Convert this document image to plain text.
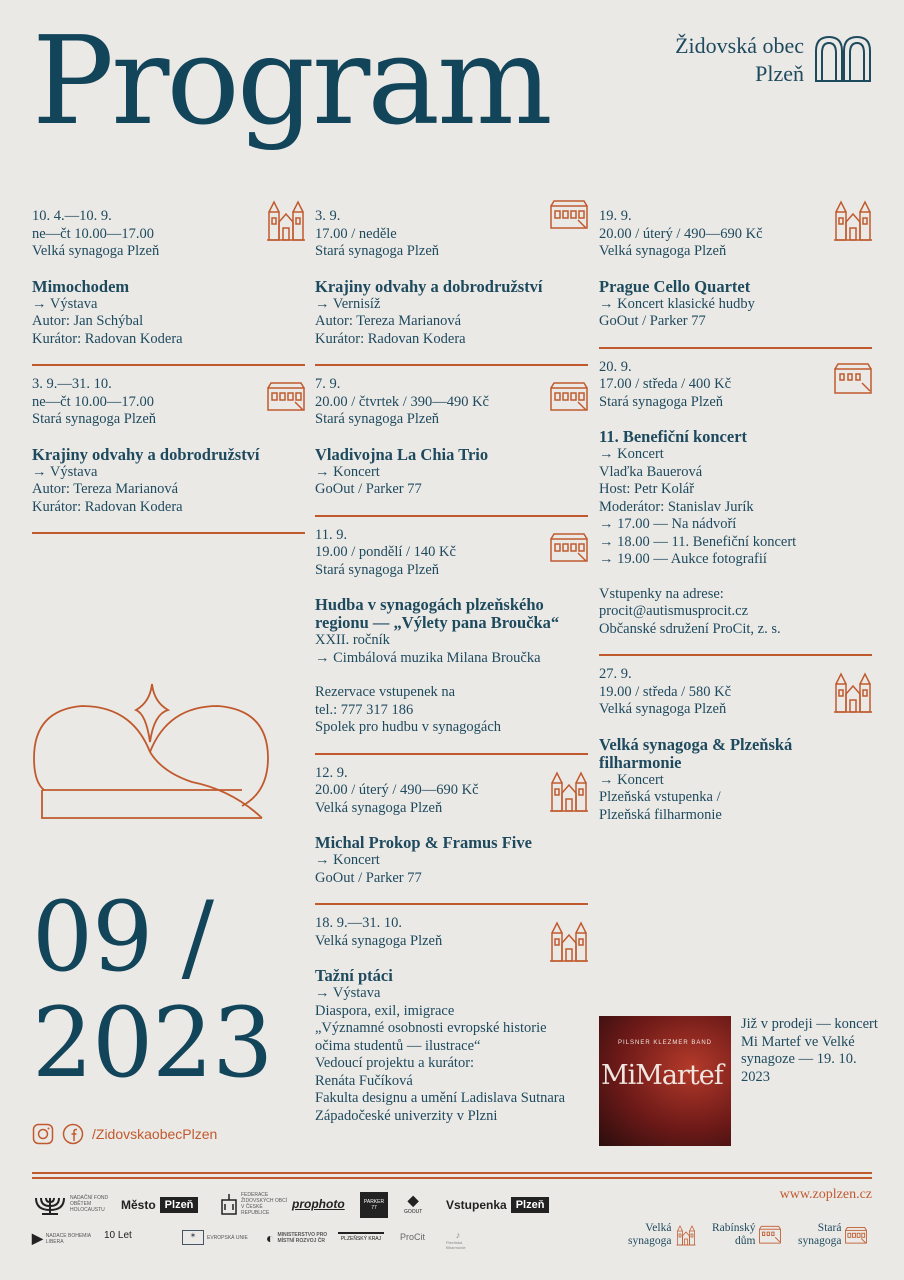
Program	Židovská obec
Plzeň
10. 4.—10. 9.
ne—čt 10.00—17.00
Velká synagoga Plzeň
Mimochodem
→ Výstava
Autor: Jan Schýbal
Kurátor: Radovan Kodera
3. 9.—31. 10.
ne—čt 10.00—17.00
Stará synagoga Plzeň
Krajiny odvahy a dobrodružství
→ Výstava
Autor: Tereza Marianová
Kurátor: Radovan Kodera
3. 9.
17.00 / neděle
Stará synagoga Plzeň
Krajiny odvahy a dobrodružství
→ Vernisíž
Autor: Tereza Marianová
Kurátor: Radovan Kodera
7. 9.
20.00 / čtvrtek / 390—490 Kč
Stará synagoga Plzeň
Vladivojna La Chia Trio
→ Koncert
GoOut / Parker 77
11. 9.
19.00 / pondělí / 140 Kč
Stará synagoga Plzeň
Hudba v synagogách plzeňského regionu — „Výlety pana Broučka“
XXII. ročník
→ Cimbálová muzika Milana Broučka
Rezervace vstupenek na
tel.: 777 317 186
Spolek pro hudbu v synagogách
12. 9.
20.00 / úterý / 490—690 Kč
Velká synagoga Plzeň
Michal Prokop & Framus Five
→ Koncert
GoOut / Parker 77
18. 9.—31. 10.
Velká synagoga Plzeň
Tažní ptáci
→ Výstava
Diaspora, exil, imigrace
„Významné osobnosti evropské historie očima studentů — ilustrace“
Vedoucí projektu a kurátor:
Renáta Fučíková
Fakulta designu a umění Ladislava Sutnara Západočeské univerzity v Plzni
19. 9.
20.00 / úterý / 490—690 Kč
Velká synagoga Plzeň
Prague Cello Quartet
→ Koncert klasické hudby
GoOut / Parker 77
20. 9.
17.00 / středa / 400 Kč
Stará synagoga Plzeň
11. Benefiční koncert
→ Koncert
Vlaďka Bauerová
Host: Petr Kolář
Moderátor: Stanislav Jurík
→ 17.00 — Na nádvoří
→ 18.00 — 11. Benefiční koncert
→ 19.00 — Aukce fotografií
Vstupenky na adrese:
procit@autismusprocit.cz
Občanské sdružení ProCit, z. s.
27. 9.
19.00 / středa / 580 Kč
Velká synagoga Plzeň
Velká synagoga & Plzeňská filharmonie
→ Koncert
Plzeňská vstupenka /
Plzeňská filharmonie
09 /
2023
/ZidovskaobecPlzen
PILSNER KLEZMER BAND
MiMartef
Již v prodeji — koncert Mi Martef ve Velké synagoze — 19. 10. 2023
www.zoplzen.cz
NADAČNÍ FOND OBĚTEM HOLOCAUSTU	Město Plzeň
FEDERACE ŽIDOVSKÝCH OBCÍ V ČESKÉ REPUBLICE
prophoto	PARKER 77	◆
GOOUT Vstupenka Plzeň
▶ NADACE BOHEMIA LIBERA
10 Let	✶	EVROPSKÁ UNIE ◐ MINISTERSTVO PRO MÍSTNÍ ROZVOJ ČR	PLZEŇSKÝ KRAJ ProCit	♪
Plzeňská filharmonie
Velká
synagoga
Rabínský
dům
Stará
synagoga
